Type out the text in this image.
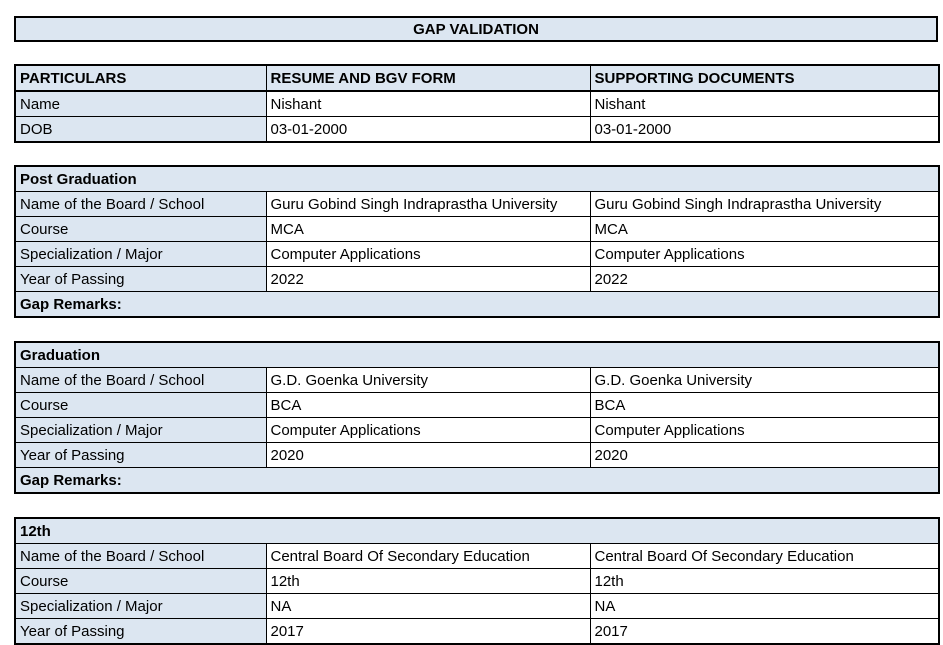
GAP VALIDATION
PARTICULARS	RESUME AND BGV FORM	SUPPORTING DOCUMENTS
Name	Nishant	Nishant
DOB	03-01-2000	03-01-2000
Post Graduation		
Name of the Board / School	Guru Gobind Singh Indraprastha University	Guru Gobind Singh Indraprastha University
Course	MCA	MCA
Specialization / Major	Computer Applications	Computer Applications
Year of Passing	2022	2022
Gap Remarks:		
Graduation		
Name of the Board / School	G.D. Goenka University	G.D. Goenka University
Course	BCA	BCA
Specialization / Major	Computer Applications	Computer Applications
Year of Passing	2020	2020
Gap Remarks:		
12th		
Name of the Board / School	Central Board Of Secondary Education	Central Board Of Secondary Education
Course	12th	12th
Specialization / Major	NA	NA
Year of Passing	2017	2017
